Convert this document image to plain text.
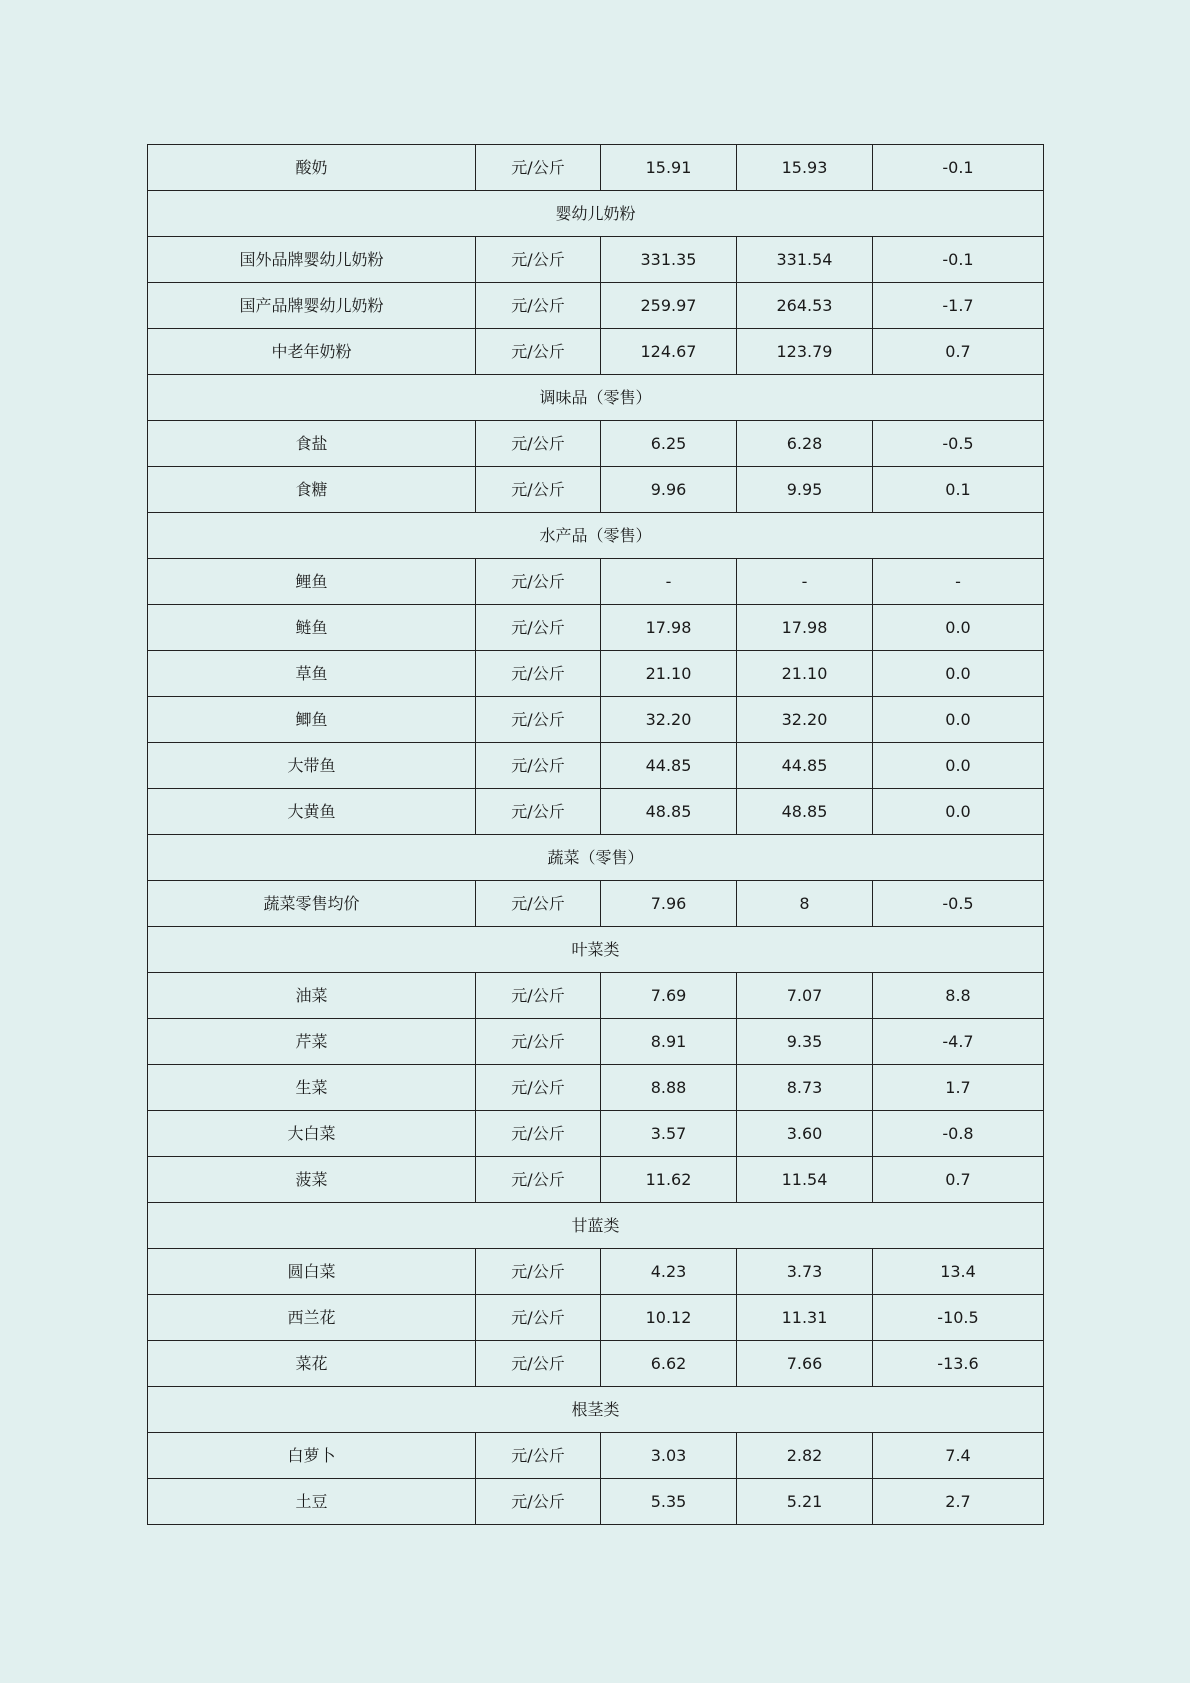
酸奶	元/公斤	15.91	15.93	-0.1
婴幼儿奶粉				
国外品牌婴幼儿奶粉	元/公斤	331.35	331.54	-0.1
国产品牌婴幼儿奶粉	元/公斤	259.97	264.53	-1.7
中老年奶粉	元/公斤	124.67	123.79	0.7
调味品（零售）				
食盐	元/公斤	6.25	6.28	-0.5
食糖	元/公斤	9.96	9.95	0.1
水产品（零售）				
鲤鱼	元/公斤	-	-	-
鲢鱼	元/公斤	17.98	17.98	0.0
草鱼	元/公斤	21.10	21.10	0.0
鲫鱼	元/公斤	32.20	32.20	0.0
大带鱼	元/公斤	44.85	44.85	0.0
大黄鱼	元/公斤	48.85	48.85	0.0
蔬菜（零售）				
蔬菜零售均价	元/公斤	7.96	8	-0.5
叶菜类				
油菜	元/公斤	7.69	7.07	8.8
芹菜	元/公斤	8.91	9.35	-4.7
生菜	元/公斤	8.88	8.73	1.7
大白菜	元/公斤	3.57	3.60	-0.8
菠菜	元/公斤	11.62	11.54	0.7
甘蓝类				
圆白菜	元/公斤	4.23	3.73	13.4
西兰花	元/公斤	10.12	11.31	-10.5
菜花	元/公斤	6.62	7.66	-13.6
根茎类				
白萝卜	元/公斤	3.03	2.82	7.4
土豆	元/公斤	5.35	5.21	2.7
